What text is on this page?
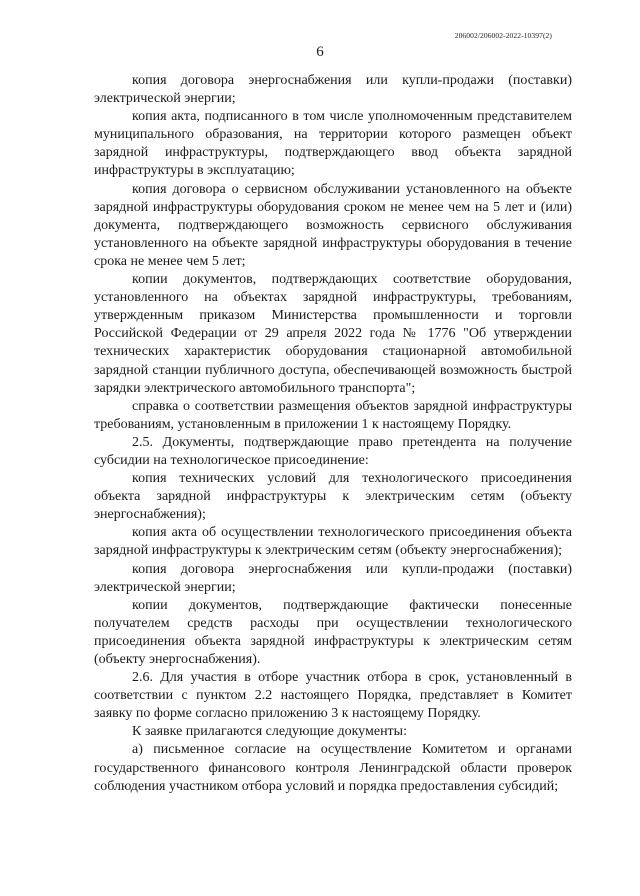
206002/206002-2022-10397(2)
6

копия договора энергоснабжения или купли-продажи (поставки) электрической энергии;

копия акта, подписанного в том числе уполномоченным представителем муниципального образования, на территории которого размещен объект зарядной инфраструктуры, подтверждающего ввод объекта зарядной инфраструктуры в эксплуатацию;

копия договора о сервисном обслуживании установленного на объекте зарядной инфраструктуры оборудования сроком не менее чем на 5 лет и (или) документа, подтверждающего возможность сервисного обслуживания установленного на объекте зарядной инфраструктуры оборудования в течение срока не менее чем 5 лет;

копии документов, подтверждающих соответствие оборудования, установленного на объектах зарядной инфраструктуры, требованиям, утвержденным приказом Министерства промышленности и торговли Российской Федерации от 29 апреля 2022 года № 1776 "Об утверждении технических характеристик оборудования стационарной автомобильной зарядной станции публичного доступа, обеспечивающей возможность быстрой зарядки электрического автомобильного транспорта";

справка о соответствии размещения объектов зарядной инфраструктуры требованиям, установленным в приложении 1 к настоящему Порядку.

2.5. Документы, подтверждающие право претендента на получение субсидии на технологическое присоединение:

копия технических условий для технологического присоединения объекта зарядной инфраструктуры к электрическим сетям (объекту энергоснабжения);

копия акта об осуществлении технологического присоединения объекта зарядной инфраструктуры к электрическим сетям (объекту энергоснабжения);

копия договора энергоснабжения или купли-продажи (поставки) электрической энергии;

копии документов, подтверждающие фактически понесенные получателем средств расходы при осуществлении технологического присоединения объекта зарядной инфраструктуры к электрическим сетям (объекту энергоснабжения).

2.6. Для участия в отборе участник отбора в срок, установленный в соответствии с пунктом 2.2 настоящего Порядка, представляет в Комитет заявку по форме согласно приложению 3 к настоящему Порядку.

К заявке прилагаются следующие документы:

а) письменное согласие на осуществление Комитетом и органами государственного финансового контроля Ленинградской области проверок соблюдения участником отбора условий и порядка предоставления субсидий;
